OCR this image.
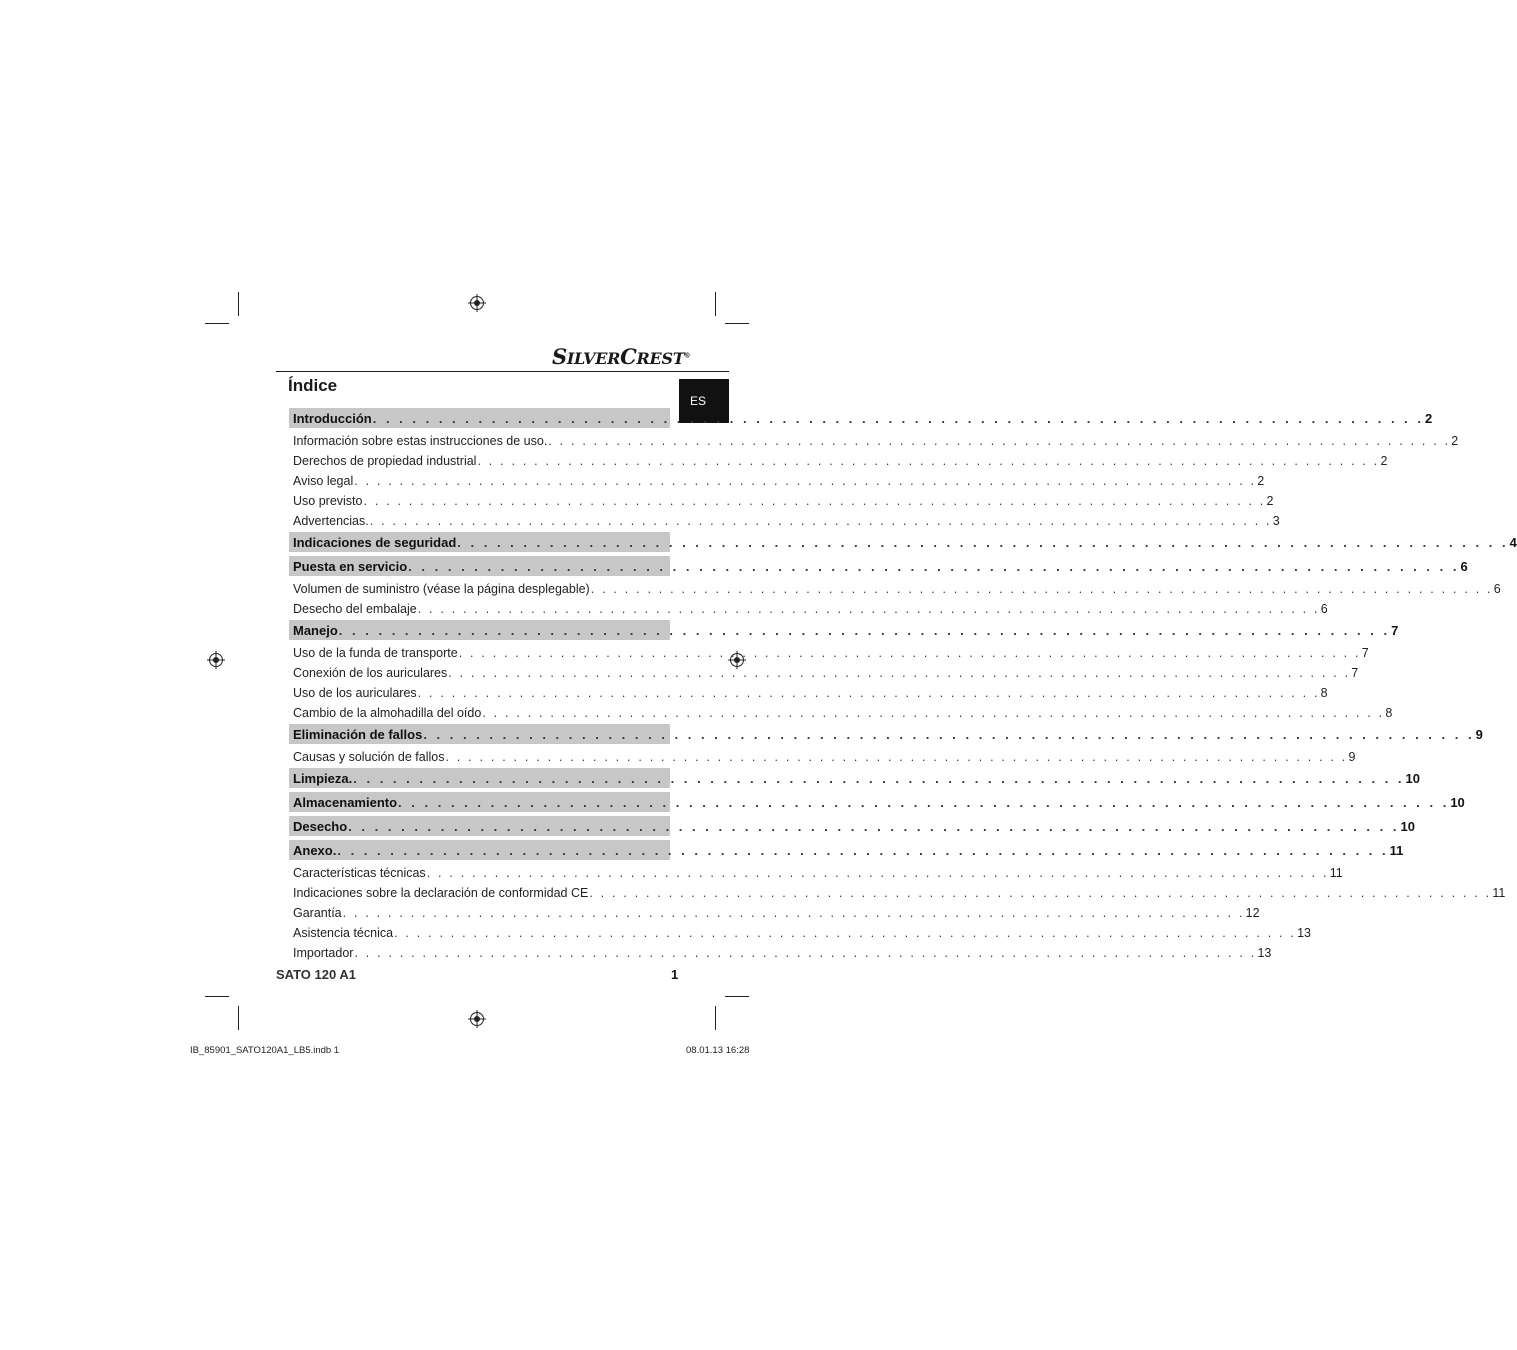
SILVERCREST®
Índice
ES
Introducción . . . . . . . . . . . . . . . . . . . . . . . . . . . . . . . . . . . . . . . . . . . . . . . . . . . . . . . . . . . . . . . . . . . . . . . . . . . . . . . . 2
Información sobre estas instrucciones de uso. . . . . . . . . . . . . . . . . . . . . . . . . . . . . . . . . . . . . . . . . . . . . . . . . . . . . . . . . . . . . . . . . . . . . . . . . . . . . . . . . 2
Derechos de propiedad industrial . . . . . . . . . . . . . . . . . . . . . . . . . . . . . . . . . . . . . . . . . . . . . . . . . . . . . . . . . . . . . . . . . . . . . . . . . . . . . . . . 2
Aviso legal . . . . . . . . . . . . . . . . . . . . . . . . . . . . . . . . . . . . . . . . . . . . . . . . . . . . . . . . . . . . . . . . . . . . . . . . . . . . . . . . 2
Uso previsto . . . . . . . . . . . . . . . . . . . . . . . . . . . . . . . . . . . . . . . . . . . . . . . . . . . . . . . . . . . . . . . . . . . . . . . . . . . . . . . . 2
Advertencias. . . . . . . . . . . . . . . . . . . . . . . . . . . . . . . . . . . . . . . . . . . . . . . . . . . . . . . . . . . . . . . . . . . . . . . . . . . . . . . . . 3
Indicaciones de seguridad . . . . . . . . . . . . . . . . . . . . . . . . . . . . . . . . . . . . . . . . . . . . . . . . . . . . . . . . . . . . . . . . . . . . . . . . . . . . . . . . 4
Puesta en servicio . . . . . . . . . . . . . . . . . . . . . . . . . . . . . . . . . . . . . . . . . . . . . . . . . . . . . . . . . . . . . . . . . . . . . . . . . . . . . . . . 6
Volumen de suministro (véase la página desplegable) . . . . . . . . . . . . . . . . . . . . . . . . . . . . . . . . . . . . . . . . . . . . . . . . . . . . . . . . . . . . . . . . . . . . . . . . . . . . . . . . 6
Desecho del embalaje . . . . . . . . . . . . . . . . . . . . . . . . . . . . . . . . . . . . . . . . . . . . . . . . . . . . . . . . . . . . . . . . . . . . . . . . . . . . . . . . 6
Manejo . . . . . . . . . . . . . . . . . . . . . . . . . . . . . . . . . . . . . . . . . . . . . . . . . . . . . . . . . . . . . . . . . . . . . . . . . . . . . . . . 7
Uso de la funda de transporte . . . . . . . . . . . . . . . . . . . . . . . . . . . . . . . . . . . . . . . . . . . . . . . . . . . . . . . . . . . . . . . . . . . . . . . . . . . . . . . . 7
Conexión de los auriculares . . . . . . . . . . . . . . . . . . . . . . . . . . . . . . . . . . . . . . . . . . . . . . . . . . . . . . . . . . . . . . . . . . . . . . . . . . . . . . . . 7
Uso de los auriculares . . . . . . . . . . . . . . . . . . . . . . . . . . . . . . . . . . . . . . . . . . . . . . . . . . . . . . . . . . . . . . . . . . . . . . . . . . . . . . . . 8
Cambio de la almohadilla del oído . . . . . . . . . . . . . . . . . . . . . . . . . . . . . . . . . . . . . . . . . . . . . . . . . . . . . . . . . . . . . . . . . . . . . . . . . . . . . . . . 8
Eliminación de fallos . . . . . . . . . . . . . . . . . . . . . . . . . . . . . . . . . . . . . . . . . . . . . . . . . . . . . . . . . . . . . . . . . . . . . . . . . . . . . . . . 9
Causas y solución de fallos . . . . . . . . . . . . . . . . . . . . . . . . . . . . . . . . . . . . . . . . . . . . . . . . . . . . . . . . . . . . . . . . . . . . . . . . . . . . . . . . 9
Limpieza. . . . . . . . . . . . . . . . . . . . . . . . . . . . . . . . . . . . . . . . . . . . . . . . . . . . . . . . . . . . . . . . . . . . . . . . . . . . . . . . . 10
Almacenamiento . . . . . . . . . . . . . . . . . . . . . . . . . . . . . . . . . . . . . . . . . . . . . . . . . . . . . . . . . . . . . . . . . . . . . . . . . . . . . . . . 10
Desecho . . . . . . . . . . . . . . . . . . . . . . . . . . . . . . . . . . . . . . . . . . . . . . . . . . . . . . . . . . . . . . . . . . . . . . . . . . . . . . . . 10
Anexo. . . . . . . . . . . . . . . . . . . . . . . . . . . . . . . . . . . . . . . . . . . . . . . . . . . . . . . . . . . . . . . . . . . . . . . . . . . . . . . . . 11
Características técnicas . . . . . . . . . . . . . . . . . . . . . . . . . . . . . . . . . . . . . . . . . . . . . . . . . . . . . . . . . . . . . . . . . . . . . . . . . . . . . . . . 11
Indicaciones sobre la declaración de conformidad CE . . . . . . . . . . . . . . . . . . . . . . . . . . . . . . . . . . . . . . . . . . . . . . . . . . . . . . . . . . . . . . . . . . . . . . . . . . . . . . . . 11
Garantía . . . . . . . . . . . . . . . . . . . . . . . . . . . . . . . . . . . . . . . . . . . . . . . . . . . . . . . . . . . . . . . . . . . . . . . . . . . . . . . . 12
Asistencia técnica . . . . . . . . . . . . . . . . . . . . . . . . . . . . . . . . . . . . . . . . . . . . . . . . . . . . . . . . . . . . . . . . . . . . . . . . . . . . . . . . 13
Importador . . . . . . . . . . . . . . . . . . . . . . . . . . . . . . . . . . . . . . . . . . . . . . . . . . . . . . . . . . . . . . . . . . . . . . . . . . . . . . . . 13
SATO 120 A1	1
IB_85901_SATO120A1_LB5.indb 1	08.01.13 16:28
